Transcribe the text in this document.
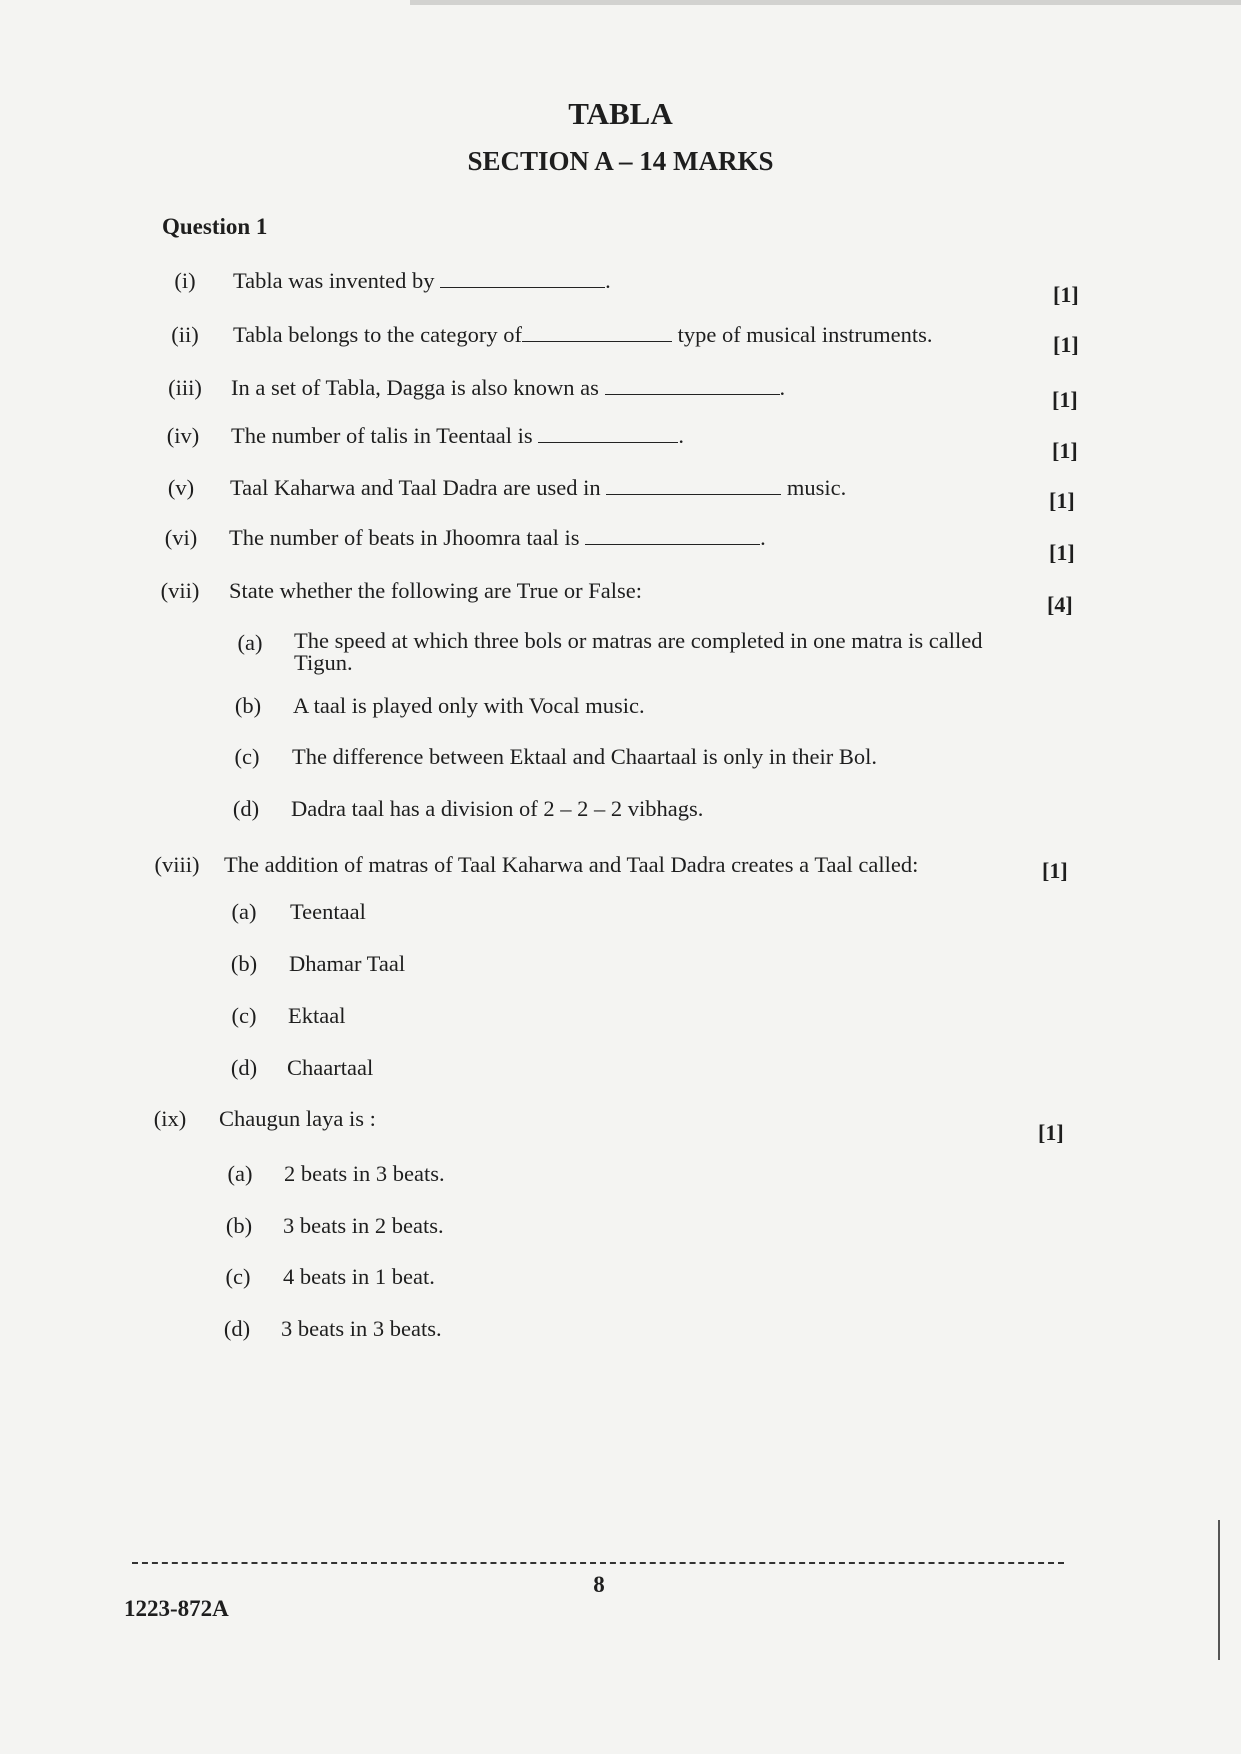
TABLA
SECTION A – 14 MARKS
Question 1
(i)	Tabla was invented by	.
[1]
(ii)	Tabla belongs to the category of	type of musical instruments.	[1]
(iii)	In a set of Tabla, Dagga is also known as	.	[1]
(iv)	The number of talis in Teentaal is	.
[1]
(v)	Taal Kaharwa and Taal Dadra are used in	music.
[1]
(vi)	The number of beats in Jhoomra taal is	.
[1]
(vii)	State whether the following are True or False:
[4]
(a)	The speed at which three bols or matras are completed in one matra is called Tigun.
(b)	A taal is played only with Vocal music.
(c)	The difference between Ektaal and Chaartaal is only in their Bol.
(d)	Dadra taal has a division of 2 – 2 – 2 vibhags.
(viii)	The addition of matras of Taal Kaharwa and Taal Dadra creates a Taal called:	[1]
(a)	Teentaal
(b)	Dhamar Taal
(c)	Ektaal
(d)	Chaartaal
(ix)	Chaugun laya is :
[1]
(a)	2 beats in 3 beats.
(b)	3 beats in 2 beats.
(c)	4 beats in 1 beat.
(d)	3 beats in 3 beats.
8
1223-872A
